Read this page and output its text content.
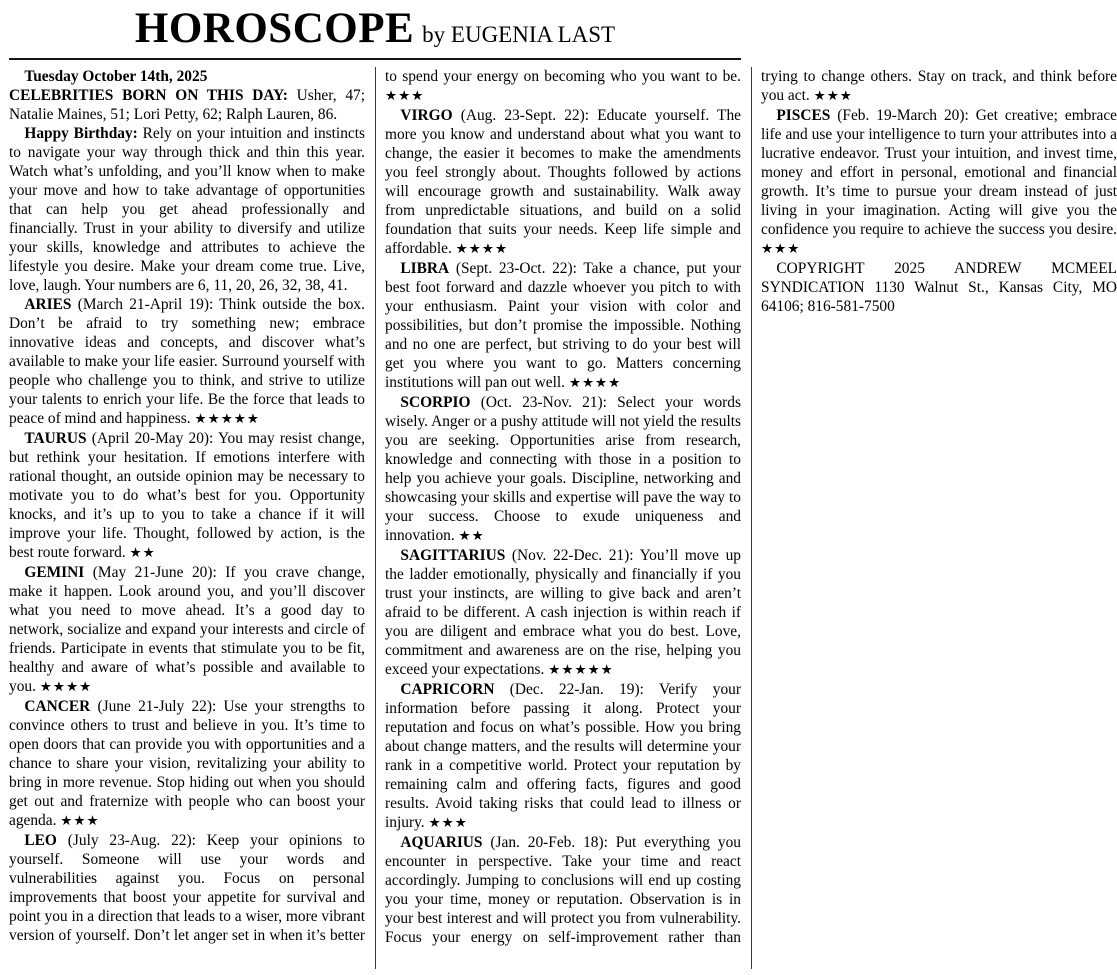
HOROSCOPE by EUGENIA LAST

Tuesday October 14th, 2025

CELEBRITIES BORN ON THIS DAY: Usher, 47; Natalie Maines, 51; Lori Petty, 62; Ralph Lauren, 86.

Happy Birthday: Rely on your intuition and instincts to navigate your way through thick and thin this year. Watch what’s unfolding, and you’ll know when to make your move and how to take advantage of opportunities that can help you get ahead professionally and financially. Trust in your ability to diversify and utilize your skills, knowledge and attributes to achieve the lifestyle you desire. Make your dream come true. Live, love, laugh. Your numbers are 6, 11, 20, 26, 32, 38, 41.

ARIES (March 21-April 19): Think outside the box. Don’t be afraid to try something new; embrace innovative ideas and concepts, and discover what’s available to make your life easier. Surround yourself with people who challenge you to think, and strive to utilize your talents to enrich your life. Be the force that leads to peace of mind and happiness. ★★★★★

TAURUS (April 20-May 20): You may resist change, but rethink your hesitation. If emotions interfere with rational thought, an outside opinion may be necessary to motivate you to do what’s best for you. Opportunity knocks, and it’s up to you to take a chance if it will improve your life. Thought, followed by action, is the best route forward. ★★

GEMINI (May 21-June 20): If you crave change, make it happen. Look around you, and you’ll discover what you need to move ahead. It’s a good day to network, socialize and expand your interests and circle of friends. Participate in events that stimulate you to be fit, healthy and aware of what’s possible and available to you. ★★★★

CANCER (June 21-July 22): Use your strengths to convince others to trust and believe in you. It’s time to open doors that can provide you with opportunities and a chance to share your vision, revitalizing your ability to bring in more revenue. Stop hiding out when you should get out and fraternize with people who can boost your agenda. ★★★

LEO (July 23-Aug. 22): Keep your opinions to yourself. Someone will use your words and vulnerabilities against you. Focus on personal improvements that boost your appetite for survival and point you in a direction that leads to a wiser, more vibrant version of yourself. Don’t let anger set in when it’s better to spend your energy on becoming who you want to be. ★★★

VIRGO (Aug. 23-Sept. 22): Educate yourself. The more you know and understand about what you want to change, the easier it becomes to make the amendments you feel strongly about. Thoughts followed by actions will encourage growth and sustainability. Walk away from unpredictable situations, and build on a solid foundation that suits your needs. Keep life simple and affordable. ★★★★

LIBRA (Sept. 23-Oct. 22): Take a chance, put your best foot forward and dazzle whoever you pitch to with your enthusiasm. Paint your vision with color and possibilities, but don’t promise the impossible. Nothing and no one are perfect, but striving to do your best will get you where you want to go. Matters concerning institutions will pan out well. ★★★★

SCORPIO (Oct. 23-Nov. 21): Select your words wisely. Anger or a pushy attitude will not yield the results you are seeking. Opportunities arise from research, knowledge and connecting with those in a position to help you achieve your goals. Discipline, networking and showcasing your skills and expertise will pave the way to your success. Choose to exude uniqueness and innovation. ★★

SAGITTARIUS (Nov. 22-Dec. 21): You’ll move up the ladder emotionally, physically and financially if you trust your instincts, are willing to give back and aren’t afraid to be different. A cash injection is within reach if you are diligent and embrace what you do best. Love, commitment and awareness are on the rise, helping you exceed your expectations. ★★★★★

CAPRICORN (Dec. 22-Jan. 19): Verify your information before passing it along. Protect your reputation and focus on what’s possible. How you bring about change matters, and the results will determine your rank in a competitive world. Protect your reputation by remaining calm and offering facts, figures and good results. Avoid taking risks that could lead to illness or injury. ★★★

AQUARIUS (Jan. 20-Feb. 18): Put everything you encounter in perspective. Take your time and react accordingly. Jumping to conclusions will end up costing you your time, money or reputation. Observation is in your best interest and will protect you from vulnerability. Focus your energy on self-improvement rather than trying to change others. Stay on track, and think before you act. ★★★

PISCES (Feb. 19-March 20): Get creative; embrace life and use your intelligence to turn your attributes into a lucrative endeavor. Trust your intuition, and invest time, money and effort in personal, emotional and financial growth. It’s time to pursue your dream instead of just living in your imagination. Acting will give you the confidence you require to achieve the success you desire. ★★★

COPYRIGHT 2025 ANDREW MCMEEL SYNDICATION 1130 Walnut St., Kansas City, MO 64106; 816-581-7500
